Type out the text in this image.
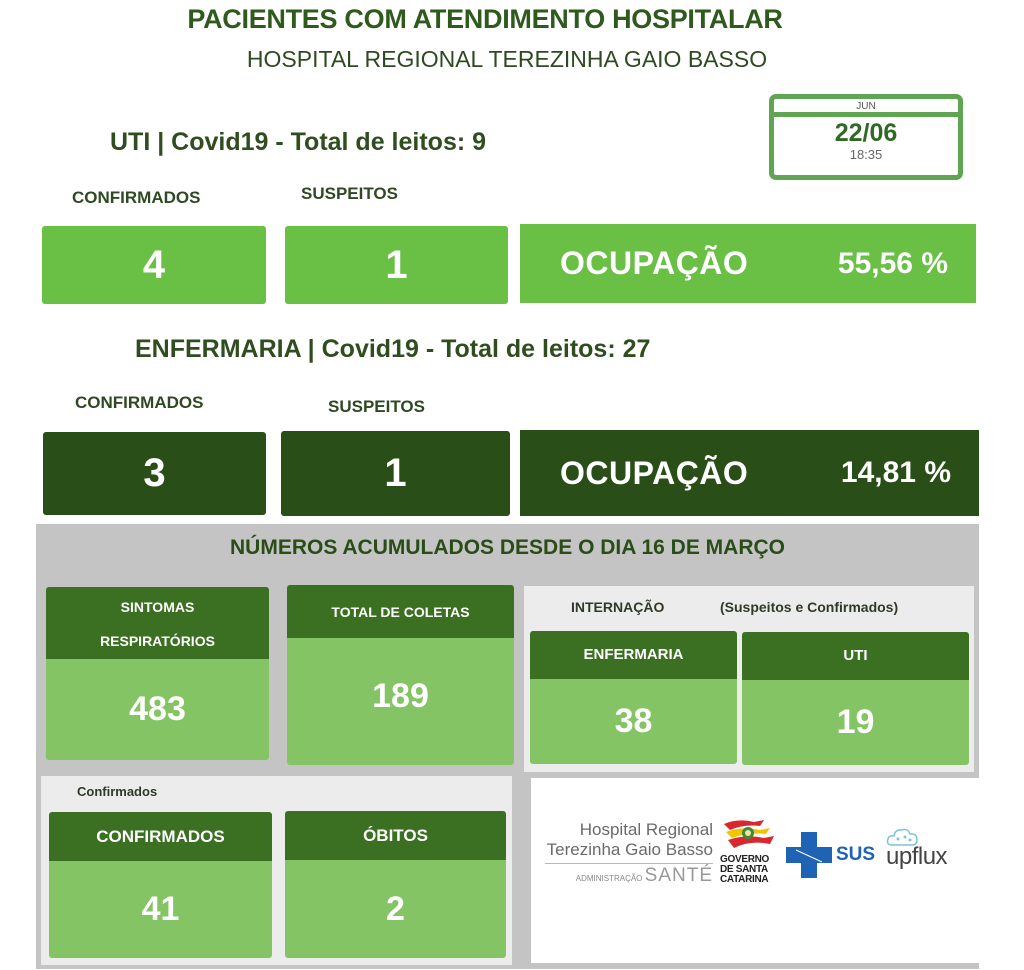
PACIENTES COM ATENDIMENTO HOSPITALAR
HOSPITAL REGIONAL TEREZINHA GAIO BASSO
JUN
22/06
18:35
UTI | Covid19 - Total de leitos: 9
CONFIRMADOS	SUSPEITOS
4	1	OCUPAÇÃO	55,56 %
ENFERMARIA | Covid19 - Total de leitos: 27
CONFIRMADOS	SUSPEITOS
3	1	OCUPAÇÃO	14,81 %
NÚMEROS ACUMULADOS DESDE O DIA 16 DE MARÇO
SINTOMAS
RESPIRATÓRIOS
483
TOTAL DE COLETAS
189
INTERNAÇÃO	(Suspeitos e Confirmados)
ENFERMARIA
38
UTI
19
Confirmados
CONFIRMADOS
41
ÓBITOS
2
Hospital Regional
Terezinha Gaio Basso
ADMINISTRAÇÃO SANTÉ
GOVERNO
DE SANTA
CATARINA
SUS upflux
